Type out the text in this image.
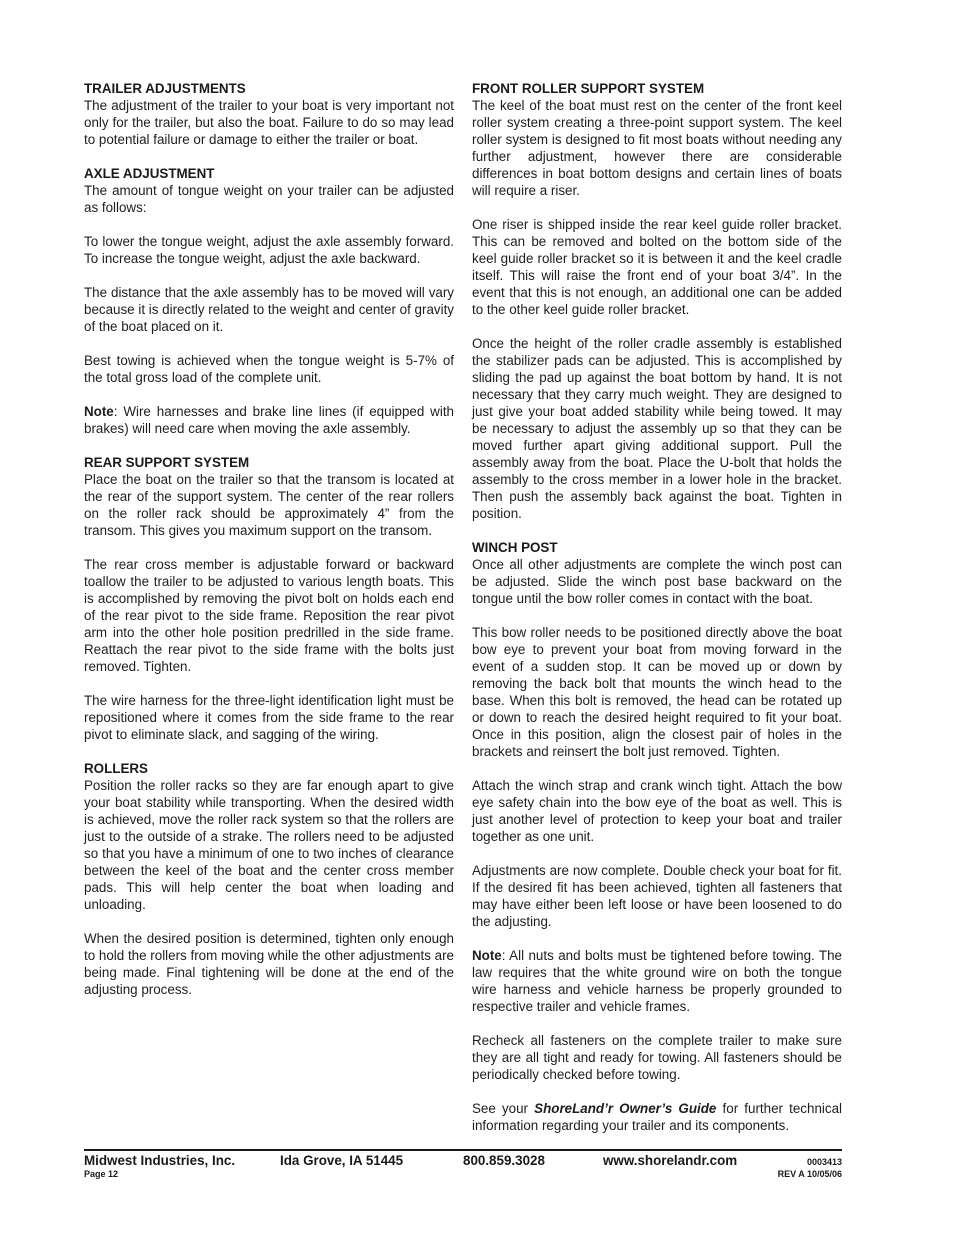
TRAILER ADJUSTMENTS

The adjustment of the trailer to your boat is very important not only for the trailer, but also the boat. Failure to do so may lead to potential failure or damage to either the trailer or boat.

AXLE ADJUSTMENT

The amount of tongue weight on your trailer can be adjusted as follows:

To lower the tongue weight, adjust the axle assembly forward. To increase the tongue weight, adjust the axle backward.

The distance that the axle assembly has to be moved will vary because it is directly related to the weight and center of gravity of the boat placed on it.

Best towing is achieved when the tongue weight is 5-7% of the total gross load of the complete unit.

Note: Wire harnesses and brake line lines (if equipped with brakes) will need care when moving the axle assembly.

REAR SUPPORT SYSTEM

Place the boat on the trailer so that the transom is located at the rear of the support system. The center of the rear rollers on the roller rack should be approximately 4” from the transom. This gives you maximum support on the transom.

The rear cross member is adjustable forward or backward toallow the trailer to be adjusted to various length boats. This is accomplished by removing the pivot bolt on holds each end of the rear pivot to the side frame. Reposition the rear pivot arm into the other hole position predrilled in the side frame. Reattach the rear pivot to the side frame with the bolts just removed. Tighten.

The wire harness for the three-light identification light must be repositioned where it comes from the side frame to the rear pivot to eliminate slack, and sagging of the wiring.

ROLLERS

Position the roller racks so they are far enough apart to give your boat stability while transporting. When the desired width is achieved, move the roller rack system so that the rollers are just to the outside of a strake. The rollers need to be adjusted so that you have a minimum of one to two inches of clearance between the keel of the boat and the center cross member pads. This will help center the boat when loading and unloading.

When the desired position is determined, tighten only enough to hold the rollers from moving while the other adjustments are being made. Final tightening will be done at the end of the adjusting process.

FRONT ROLLER SUPPORT SYSTEM

The keel of the boat must rest on the center of the front keel roller system creating a three-point support system. The keel roller system is designed to fit most boats without needing any further adjustment, however there are considerable differences in boat bottom designs and certain lines of boats will require a riser.

One riser is shipped inside the rear keel guide roller bracket. This can be removed and bolted on the bottom side of the keel guide roller bracket so it is between it and the keel cradle itself. This will raise the front end of your boat 3/4”. In the event that this is not enough, an additional one can be added to the other keel guide roller bracket.

Once the height of the roller cradle assembly is established the stabilizer pads can be adjusted. This is accomplished by sliding the pad up against the boat bottom by hand. It is not necessary that they carry much weight. They are designed to just give your boat added stability while being towed. It may be necessary to adjust the assembly up so that they can be moved further apart giving additional support. Pull the assembly away from the boat. Place the U-bolt that holds the assembly to the cross member in a lower hole in the bracket. Then push the assembly back against the boat. Tighten in position.

WINCH POST

Once all other adjustments are complete the winch post can be adjusted. Slide the winch post base backward on the tongue until the bow roller comes in contact with the boat.

This bow roller needs to be positioned directly above the boat bow eye to prevent your boat from moving forward in the event of a sudden stop. It can be moved up or down by removing the back bolt that mounts the winch head to the base. When this bolt is removed, the head can be rotated up or down to reach the desired height required to fit your boat. Once in this position, align the closest pair of holes in the brackets and reinsert the bolt just removed. Tighten.

Attach the winch strap and crank winch tight. Attach the bow eye safety chain into the bow eye of the boat as well. This is just another level of protection to keep your boat and trailer together as one unit.

Adjustments are now complete. Double check your boat for fit. If the desired fit has been achieved, tighten all fasteners that may have either been left loose or have been loosened to do the adjusting.

Note: All nuts and bolts must be tightened before towing. The law requires that the white ground wire on both the tongue wire harness and vehicle harness be properly grounded to respective trailer and vehicle frames.

Recheck all fasteners on the complete trailer to make sure they are all tight and ready for towing. All fasteners should be periodically checked before towing.

See your ShoreLand’r Owner’s Guide for further technical information regarding your trailer and its components.

Midwest Industries, Inc.	Ida Grove, IA 51445	800.859.3028	www.shorelandr.com
Page 12
0003413
REV A 10/05/06
